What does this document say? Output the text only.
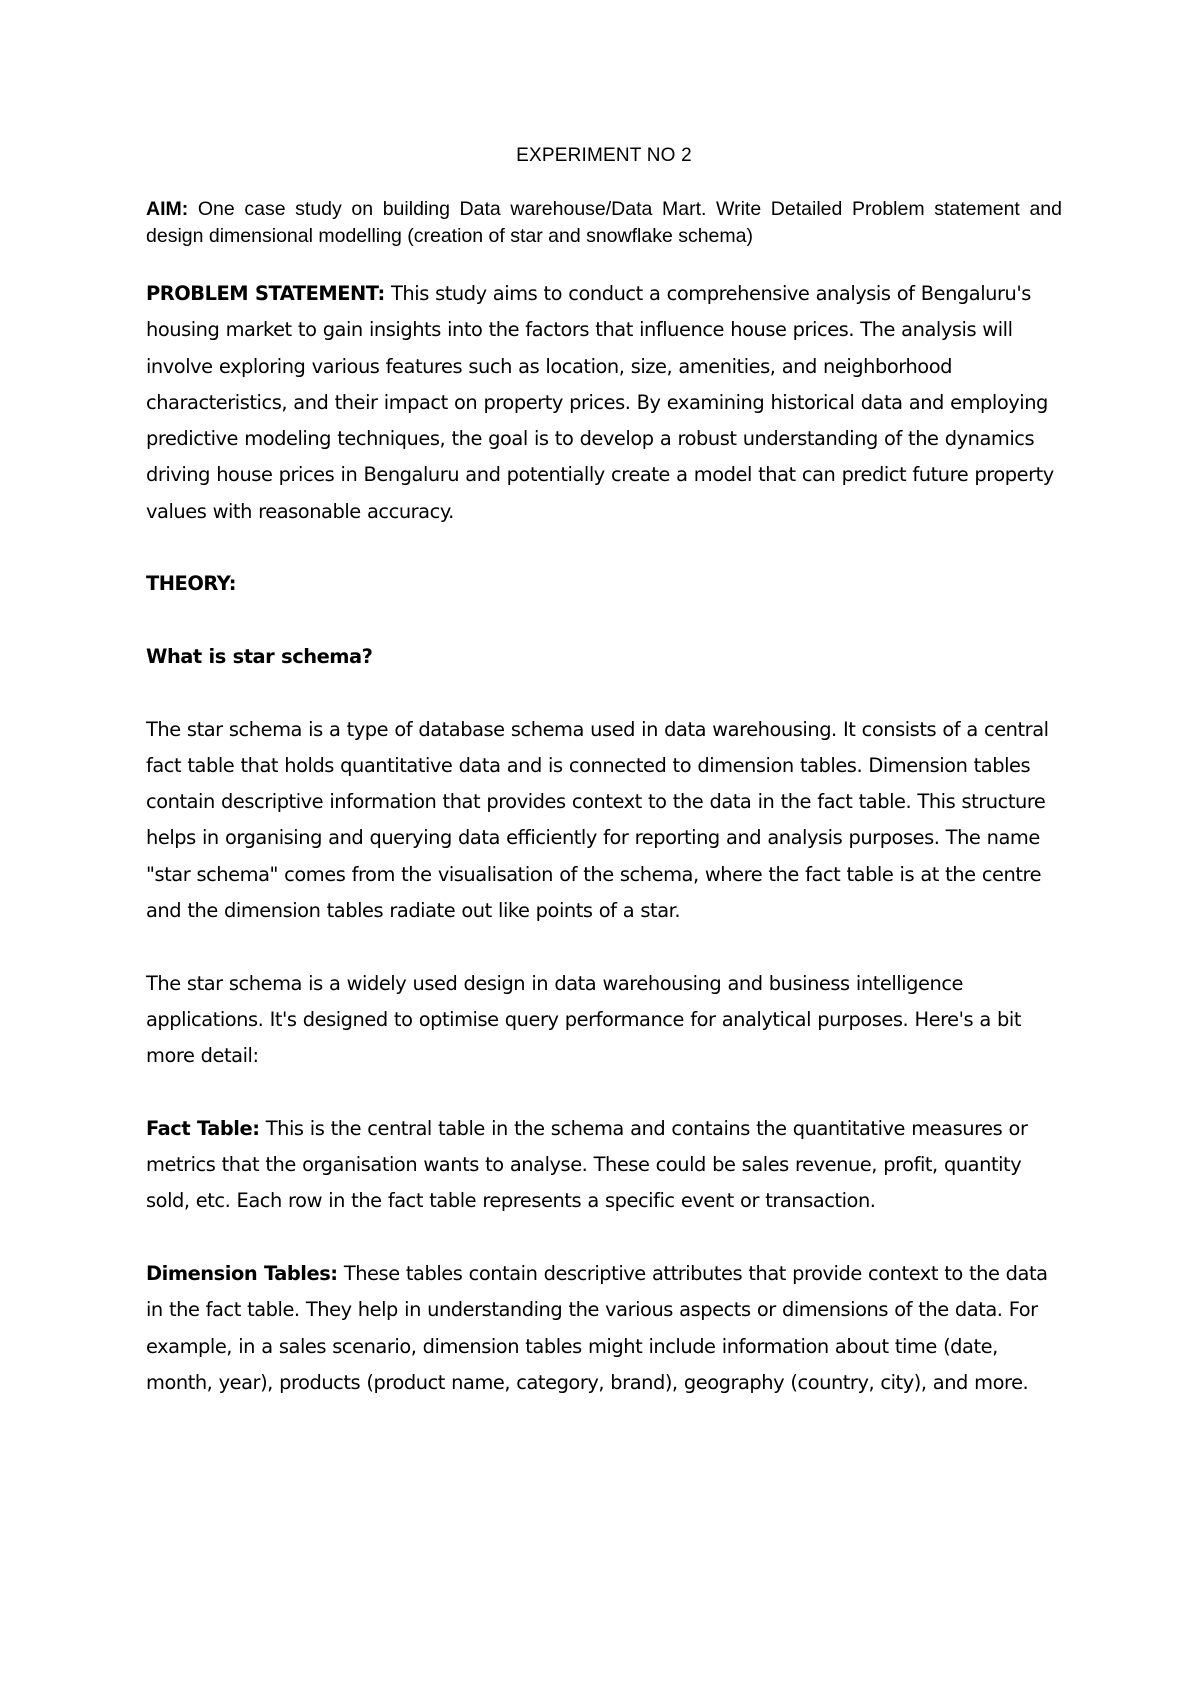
EXPERIMENT NO 2

AIM: One case study on building Data warehouse/Data Mart. Write Detailed Problem statement and design dimensional modelling (creation of star and snowflake schema)

PROBLEM STATEMENT: This study aims to conduct a comprehensive analysis of Bengaluru's housing market to gain insights into the factors that influence house prices. The analysis will involve exploring various features such as location, size, amenities, and neighborhood characteristics, and their impact on property prices. By examining historical data and employing predictive modeling techniques, the goal is to develop a robust understanding of the dynamics driving house prices in Bengaluru and potentially create a model that can predict future property values with reasonable accuracy.

THEORY:

What is star schema?

The star schema is a type of database schema used in data warehousing. It consists of a central fact table that holds quantitative data and is connected to dimension tables. Dimension tables contain descriptive information that provides context to the data in the fact table. This structure helps in organising and querying data efficiently for reporting and analysis purposes. The name "star schema" comes from the visualisation of the schema, where the fact table is at the centre and the dimension tables radiate out like points of a star.

The star schema is a widely used design in data warehousing and business intelligence applications. It's designed to optimise query performance for analytical purposes. Here's a bit more detail:

Fact Table: This is the central table in the schema and contains the quantitative measures or metrics that the organisation wants to analyse. These could be sales revenue, profit, quantity sold, etc. Each row in the fact table represents a specific event or transaction.

Dimension Tables: These tables contain descriptive attributes that provide context to the data in the fact table. They help in understanding the various aspects or dimensions of the data. For example, in a sales scenario, dimension tables might include information about time (date, month, year), products (product name, category, brand), geography (country, city), and more.
